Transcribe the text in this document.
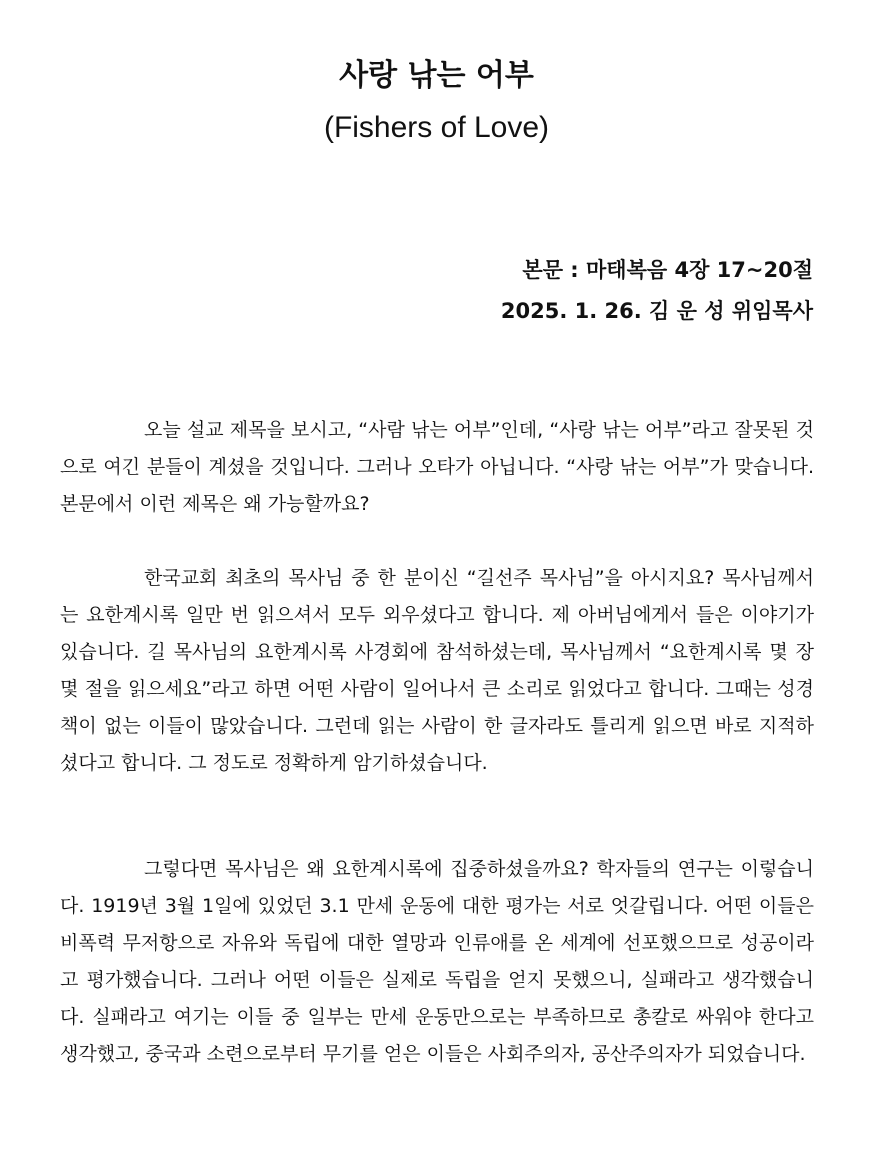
사랑 낚는 어부
(Fishers of Love)
본문 : 마태복음 4장 17~20절
2025. 1. 26. 김 운 성 위임목사

오늘 설교 제목을 보시고, “사람 낚는 어부”인데, “사랑 낚는 어부”라고 잘못된 것으로 여긴 분들이 계셨을 것입니다. 그러나 오타가 아닙니다. “사랑 낚는 어부”가 맞습니다. 본문에서 이런 제목은 왜 가능할까요?

한국교회 최초의 목사님 중 한 분이신 “길선주 목사님”을 아시지요? 목사님께서는 요한계시록 일만 번 읽으셔서 모두 외우셨다고 합니다. 제 아버님에게서 들은 이야기가 있습니다. 길 목사님의 요한계시록 사경회에 참석하셨는데, 목사님께서 “요한계시록 몇 장 몇 절을 읽으세요”라고 하면 어떤 사람이 일어나서 큰 소리로 읽었다고 합니다. 그때는 성경책이 없는 이들이 많았습니다. 그런데 읽는 사람이 한 글자라도 틀리게 읽으면 바로 지적하셨다고 합니다. 그 정도로 정확하게 암기하셨습니다.

그렇다면 목사님은 왜 요한계시록에 집중하셨을까요? 학자들의 연구는 이렇습니다. 1919년 3월 1일에 있었던 3.1 만세 운동에 대한 평가는 서로 엇갈립니다. 어떤 이들은 비폭력 무저항으로 자유와 독립에 대한 열망과 인류애를 온 세계에 선포했으므로 성공이라고 평가했습니다. 그러나 어떤 이들은 실제로 독립을 얻지 못했으니, 실패라고 생각했습니다. 실패라고 여기는 이들 중 일부는 만세 운동만으로는 부족하므로 총칼로 싸워야 한다고 생각했고, 중국과 소련으로부터 무기를 얻은 이들은 사회주의자, 공산주의자가 되었습니다.
